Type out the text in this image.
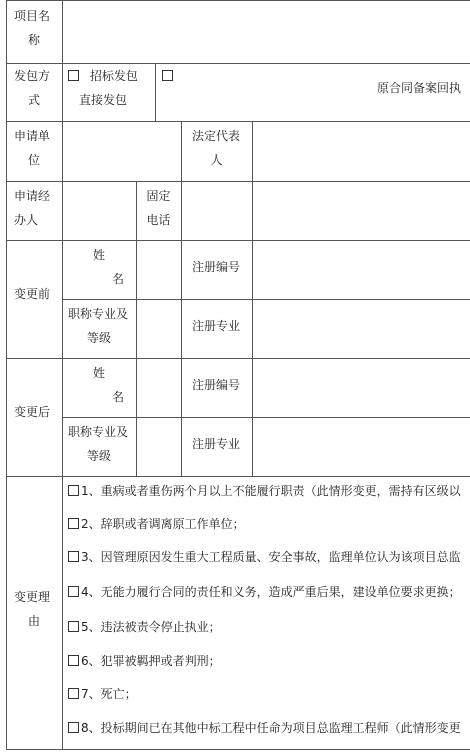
项目名
称
发包方
式
招标发包
直接发包
原合同备案回执
申请单
位
法定代表
人
申请经
办人
固定
电话
变更前
姓
名
注册编号
职称专业及
等级
注册专业
变更后
姓
名
注册编号
职称专业及
等级
注册专业
变更理
由
1、重病或者重伤两个月以上不能履行职责（此情形变更，需持有区级以
2、辞职或者调离原工作单位；
3、因管理原因发生重大工程质量、安全事故，监理单位认为该项目总监
4、无能力履行合同的责任和义务，造成严重后果，建设单位要求更换；
5、违法被责令停止执业；
6、犯罪被羁押或者判刑；
7、死亡；
8、投标期间已在其他中标工程中任命为项目总监理工程师（此情形变更
